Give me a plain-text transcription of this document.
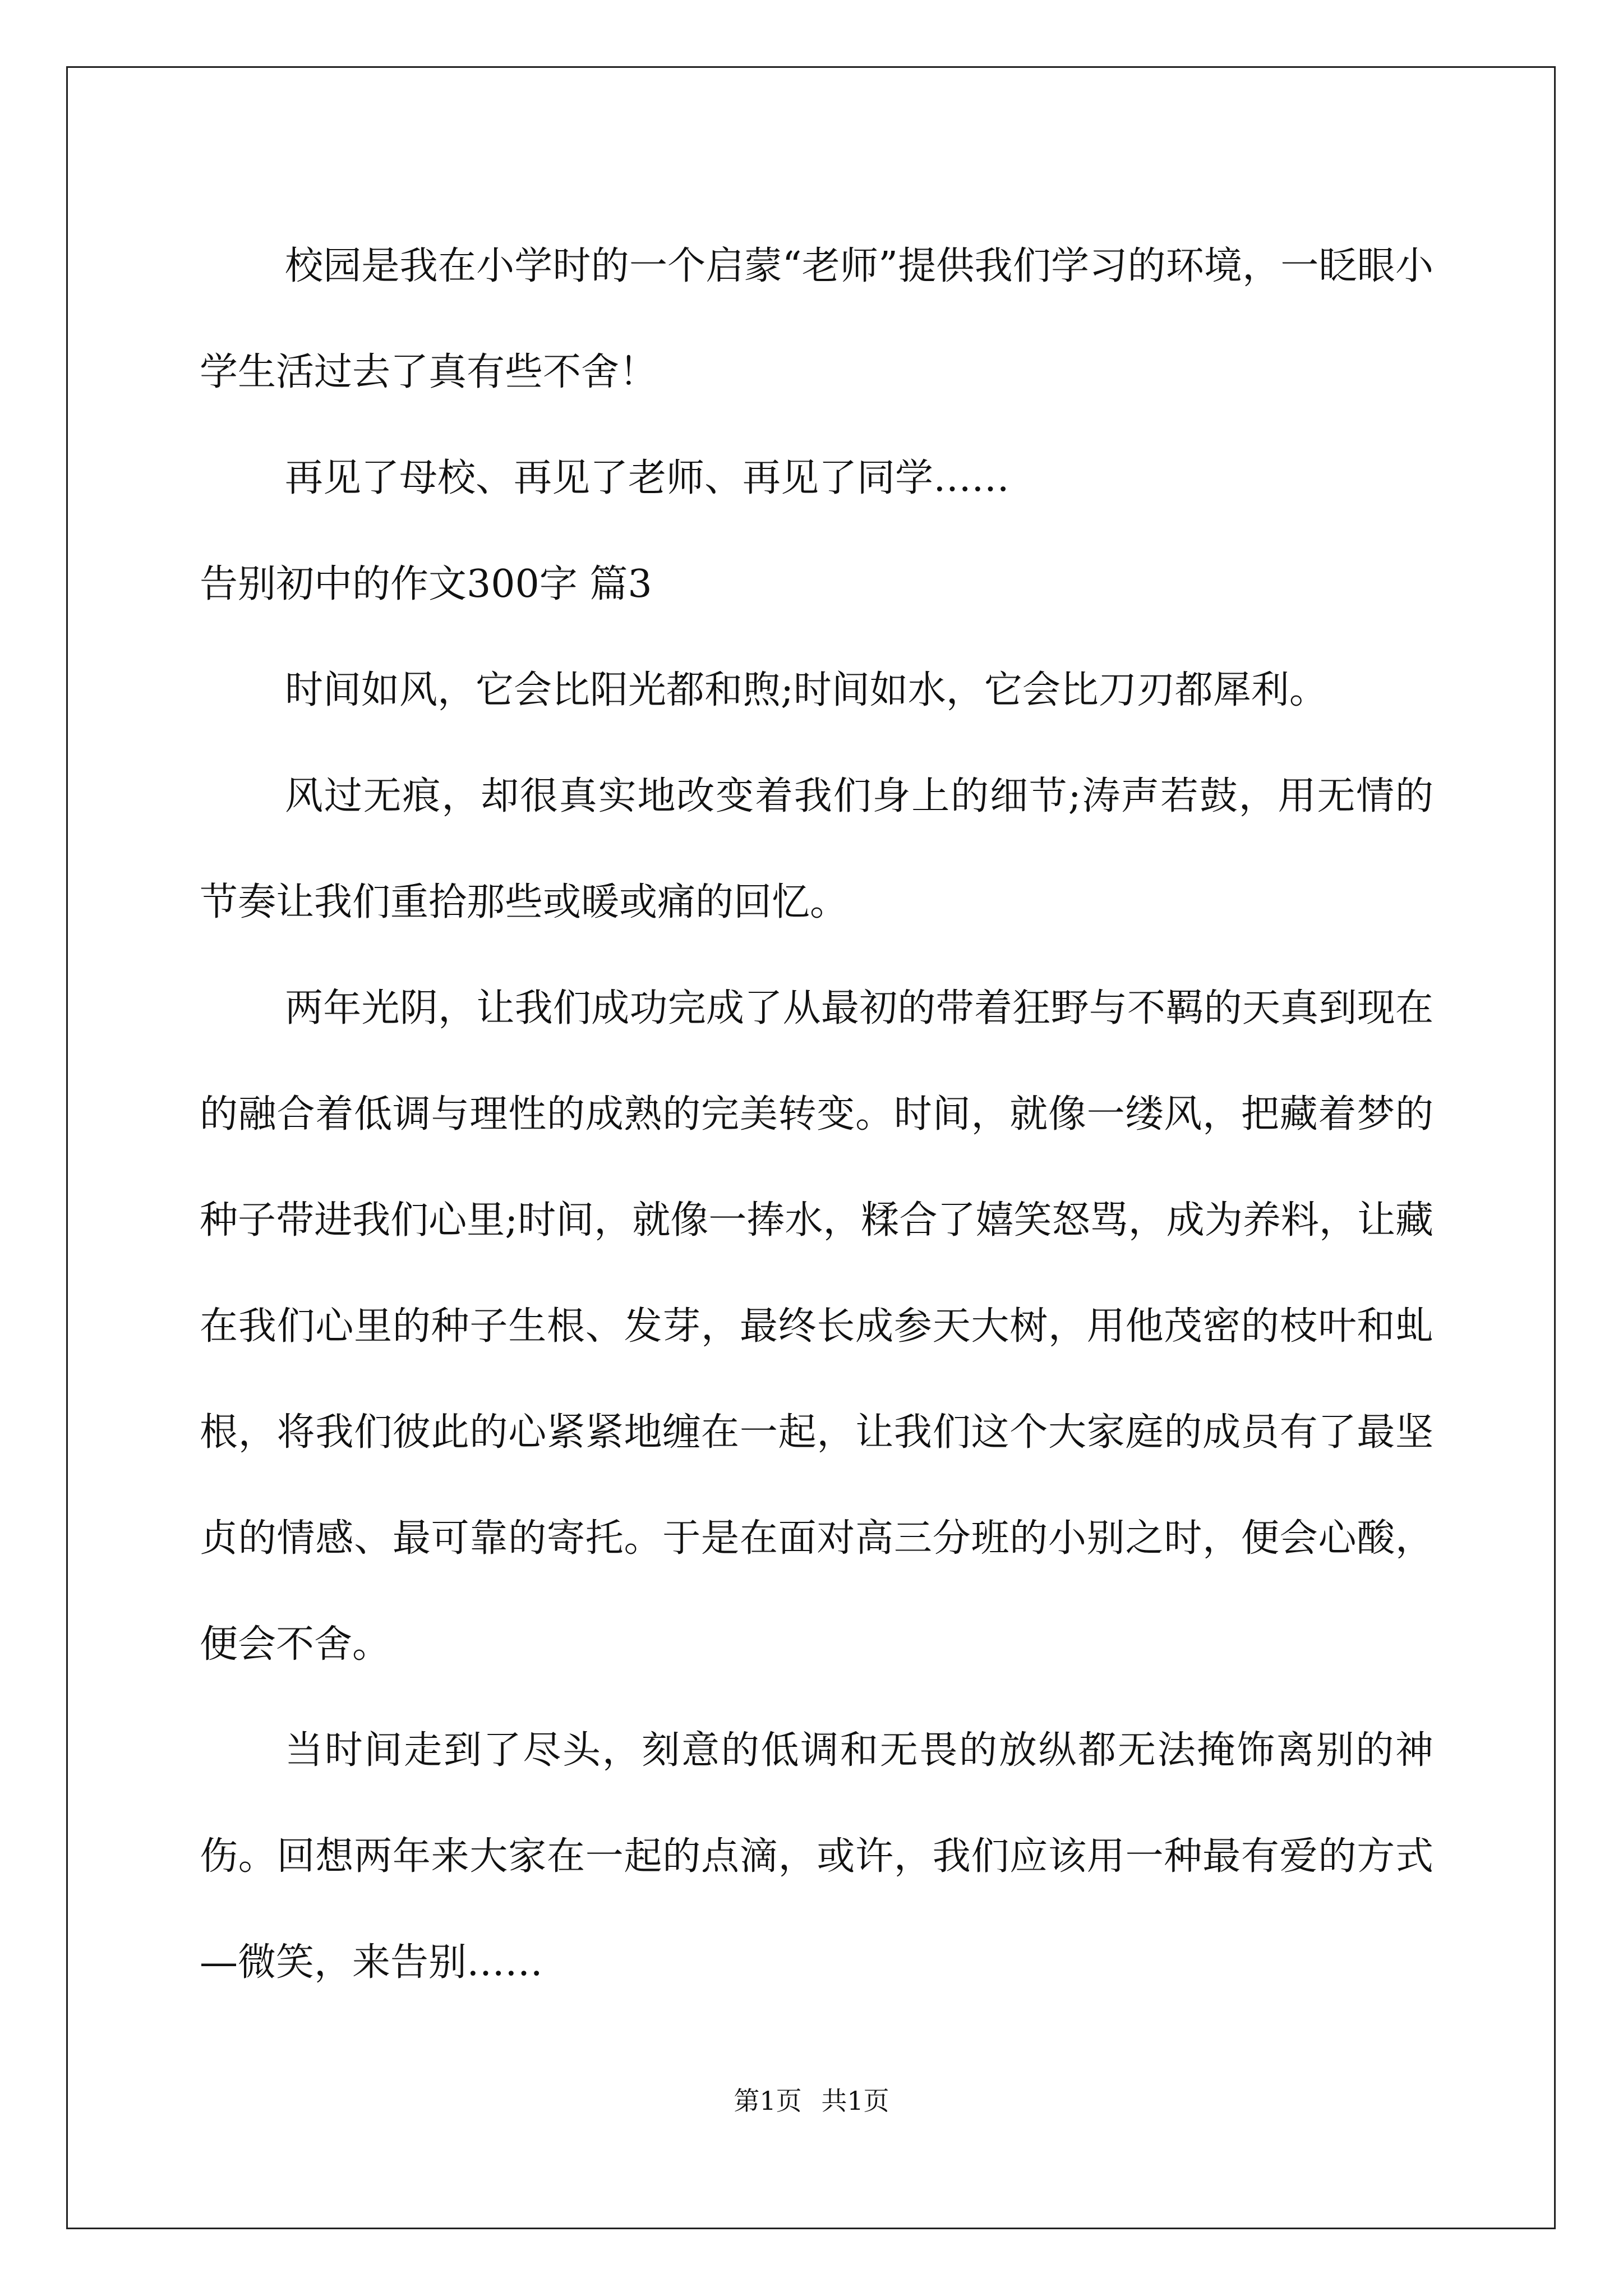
校园是我在小学时的一个启蒙“老师”提供我们学习的环境，一眨眼小学生活过去了真有些不舍！

再见了母校、再见了老师、再见了同学……

告别初中的作文300字 篇3

时间如风，它会比阳光都和煦;时间如水，它会比刀刃都犀利。

风过无痕，却很真实地改变着我们身上的细节;涛声若鼓，用无情的节奏让我们重拾那些或暖或痛的回忆。

两年光阴，让我们成功完成了从最初的带着狂野与不羁的天真到现在的融合着低调与理性的成熟的完美转变。时间，就像一缕风，把藏着梦的种子带进我们心里;时间，就像一捧水，糅合了嬉笑怒骂，成为养料，让藏在我们心里的种子生根、发芽，最终长成参天大树，用他茂密的枝叶和虬根，将我们彼此的心紧紧地缠在一起，让我们这个大家庭的成员有了最坚贞的情感、最可靠的寄托。于是在面对高三分班的小别之时，便会心酸，便会不舍。

当时间走到了尽头，刻意的低调和无畏的放纵都无法掩饰离别的神伤。回想两年来大家在一起的点滴，或许，我们应该用一种最有爱的方式—微笑，来告别……

第1页 共1页
